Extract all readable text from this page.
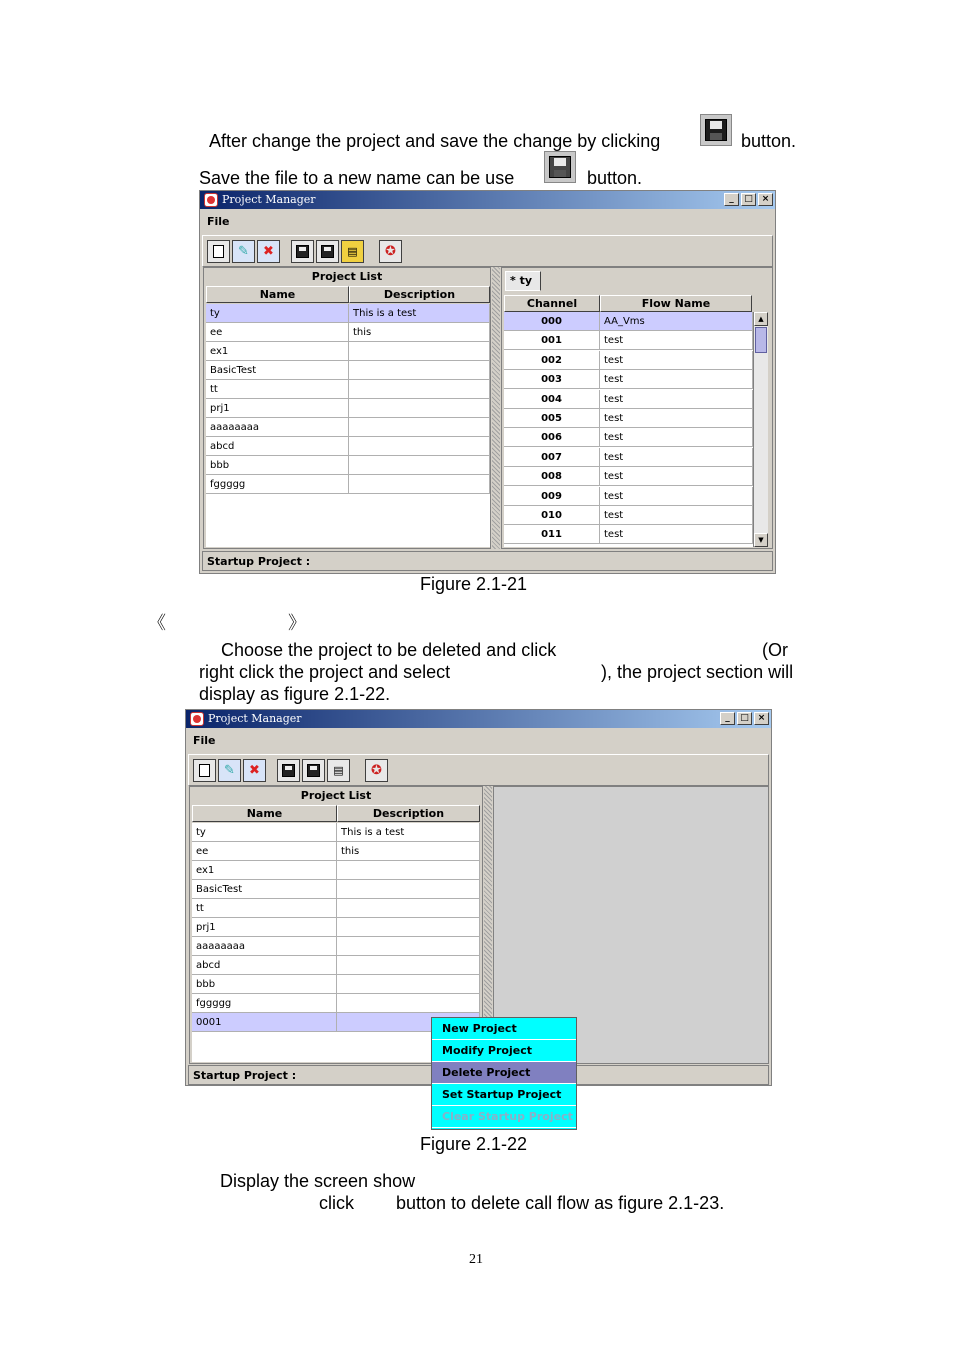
After change the project and save the change by clicking	button.
Save the file to a new name can be use	button.
Project Manager	_	□ ×
File
✎ ✖	▤ ✪
Project List
Name	Description
ty	This is a test
ee	this
ex1
BasicTest
tt
prj1
aaaaaaaa
abcd
bbb
fggggg
* ty
Channel	Flow Name
000	AA_Vms
001	test
002	test
003	test
004	test
005	test
006	test
007	test
008	test
009	test
010	test
011	test
▲
▼
Startup Project :
Figure 2.1-21
《	》
Choose the project to be deleted and click	(Or
right click the project and select	), the project section will
display as figure 2.1-22.
Project Manager	_	□ ×
File
✎ ✖	▤ ✪
Project List
Name	Description
ty	This is a test
ee	this
ex1
BasicTest
tt
prj1
aaaaaaaa
abcd
bbb
fggggg
0001
Startup Project :
New Project
Modify Project
Delete Project
Set Startup Project
Clear Startup Project
Figure 2.1-22
Display the screen show
click button to delete call flow as figure 2.1-23.
21
